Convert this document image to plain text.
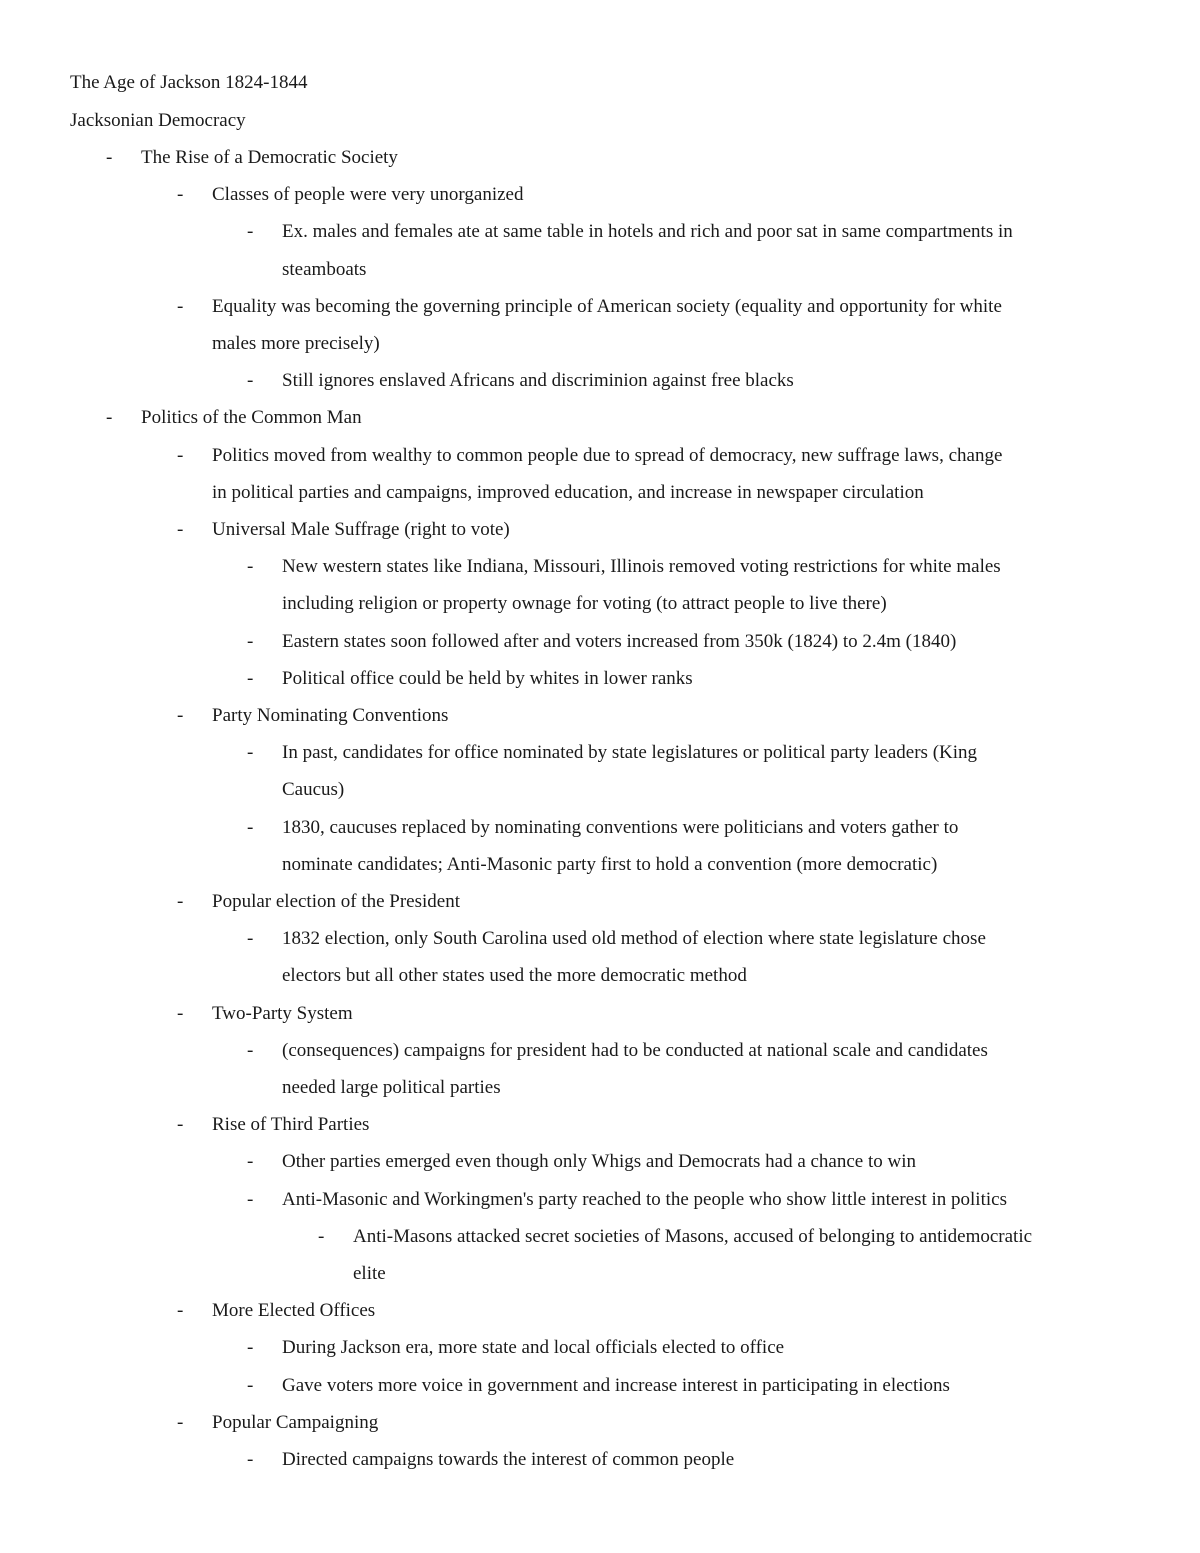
The Age of Jackson 1824-1844
Jacksonian Democracy
- The Rise of a Democratic Society
- Classes of people were very unorganized
- Ex. males and females ate at same table in hotels and rich and poor sat in same compartments in
steamboats
- Equality was becoming the governing principle of American society (equality and opportunity for white
males more precisely)
- Still ignores enslaved Africans and discriminion against free blacks
- Politics of the Common Man
- Politics moved from wealthy to common people due to spread of democracy, new suffrage laws, change
in political parties and campaigns, improved education, and increase in newspaper circulation
- Universal Male Suffrage (right to vote)
- New western states like Indiana, Missouri, Illinois removed voting restrictions for white males
including religion or property ownage for voting (to attract people to live there)
- Eastern states soon followed after and voters increased from 350k (1824) to 2.4m (1840)
- Political office could be held by whites in lower ranks
- Party Nominating Conventions
- In past, candidates for office nominated by state legislatures or political party leaders (King
Caucus)
- 1830, caucuses replaced by nominating conventions were politicians and voters gather to
nominate candidates; Anti-Masonic party first to hold a convention (more democratic)
- Popular election of the President
- 1832 election, only South Carolina used old method of election where state legislature chose
electors but all other states used the more democratic method
- Two-Party System
- (consequences) campaigns for president had to be conducted at national scale and candidates
needed large political parties
- Rise of Third Parties
- Other parties emerged even though only Whigs and Democrats had a chance to win
- Anti-Masonic and Workingmen's party reached to the people who show little interest in politics
- Anti-Masons attacked secret societies of Masons, accused of belonging to antidemocratic
elite
- More Elected Offices
- During Jackson era, more state and local officials elected to office
- Gave voters more voice in government and increase interest in participating in elections
- Popular Campaigning
- Directed campaigns towards the interest of common people
